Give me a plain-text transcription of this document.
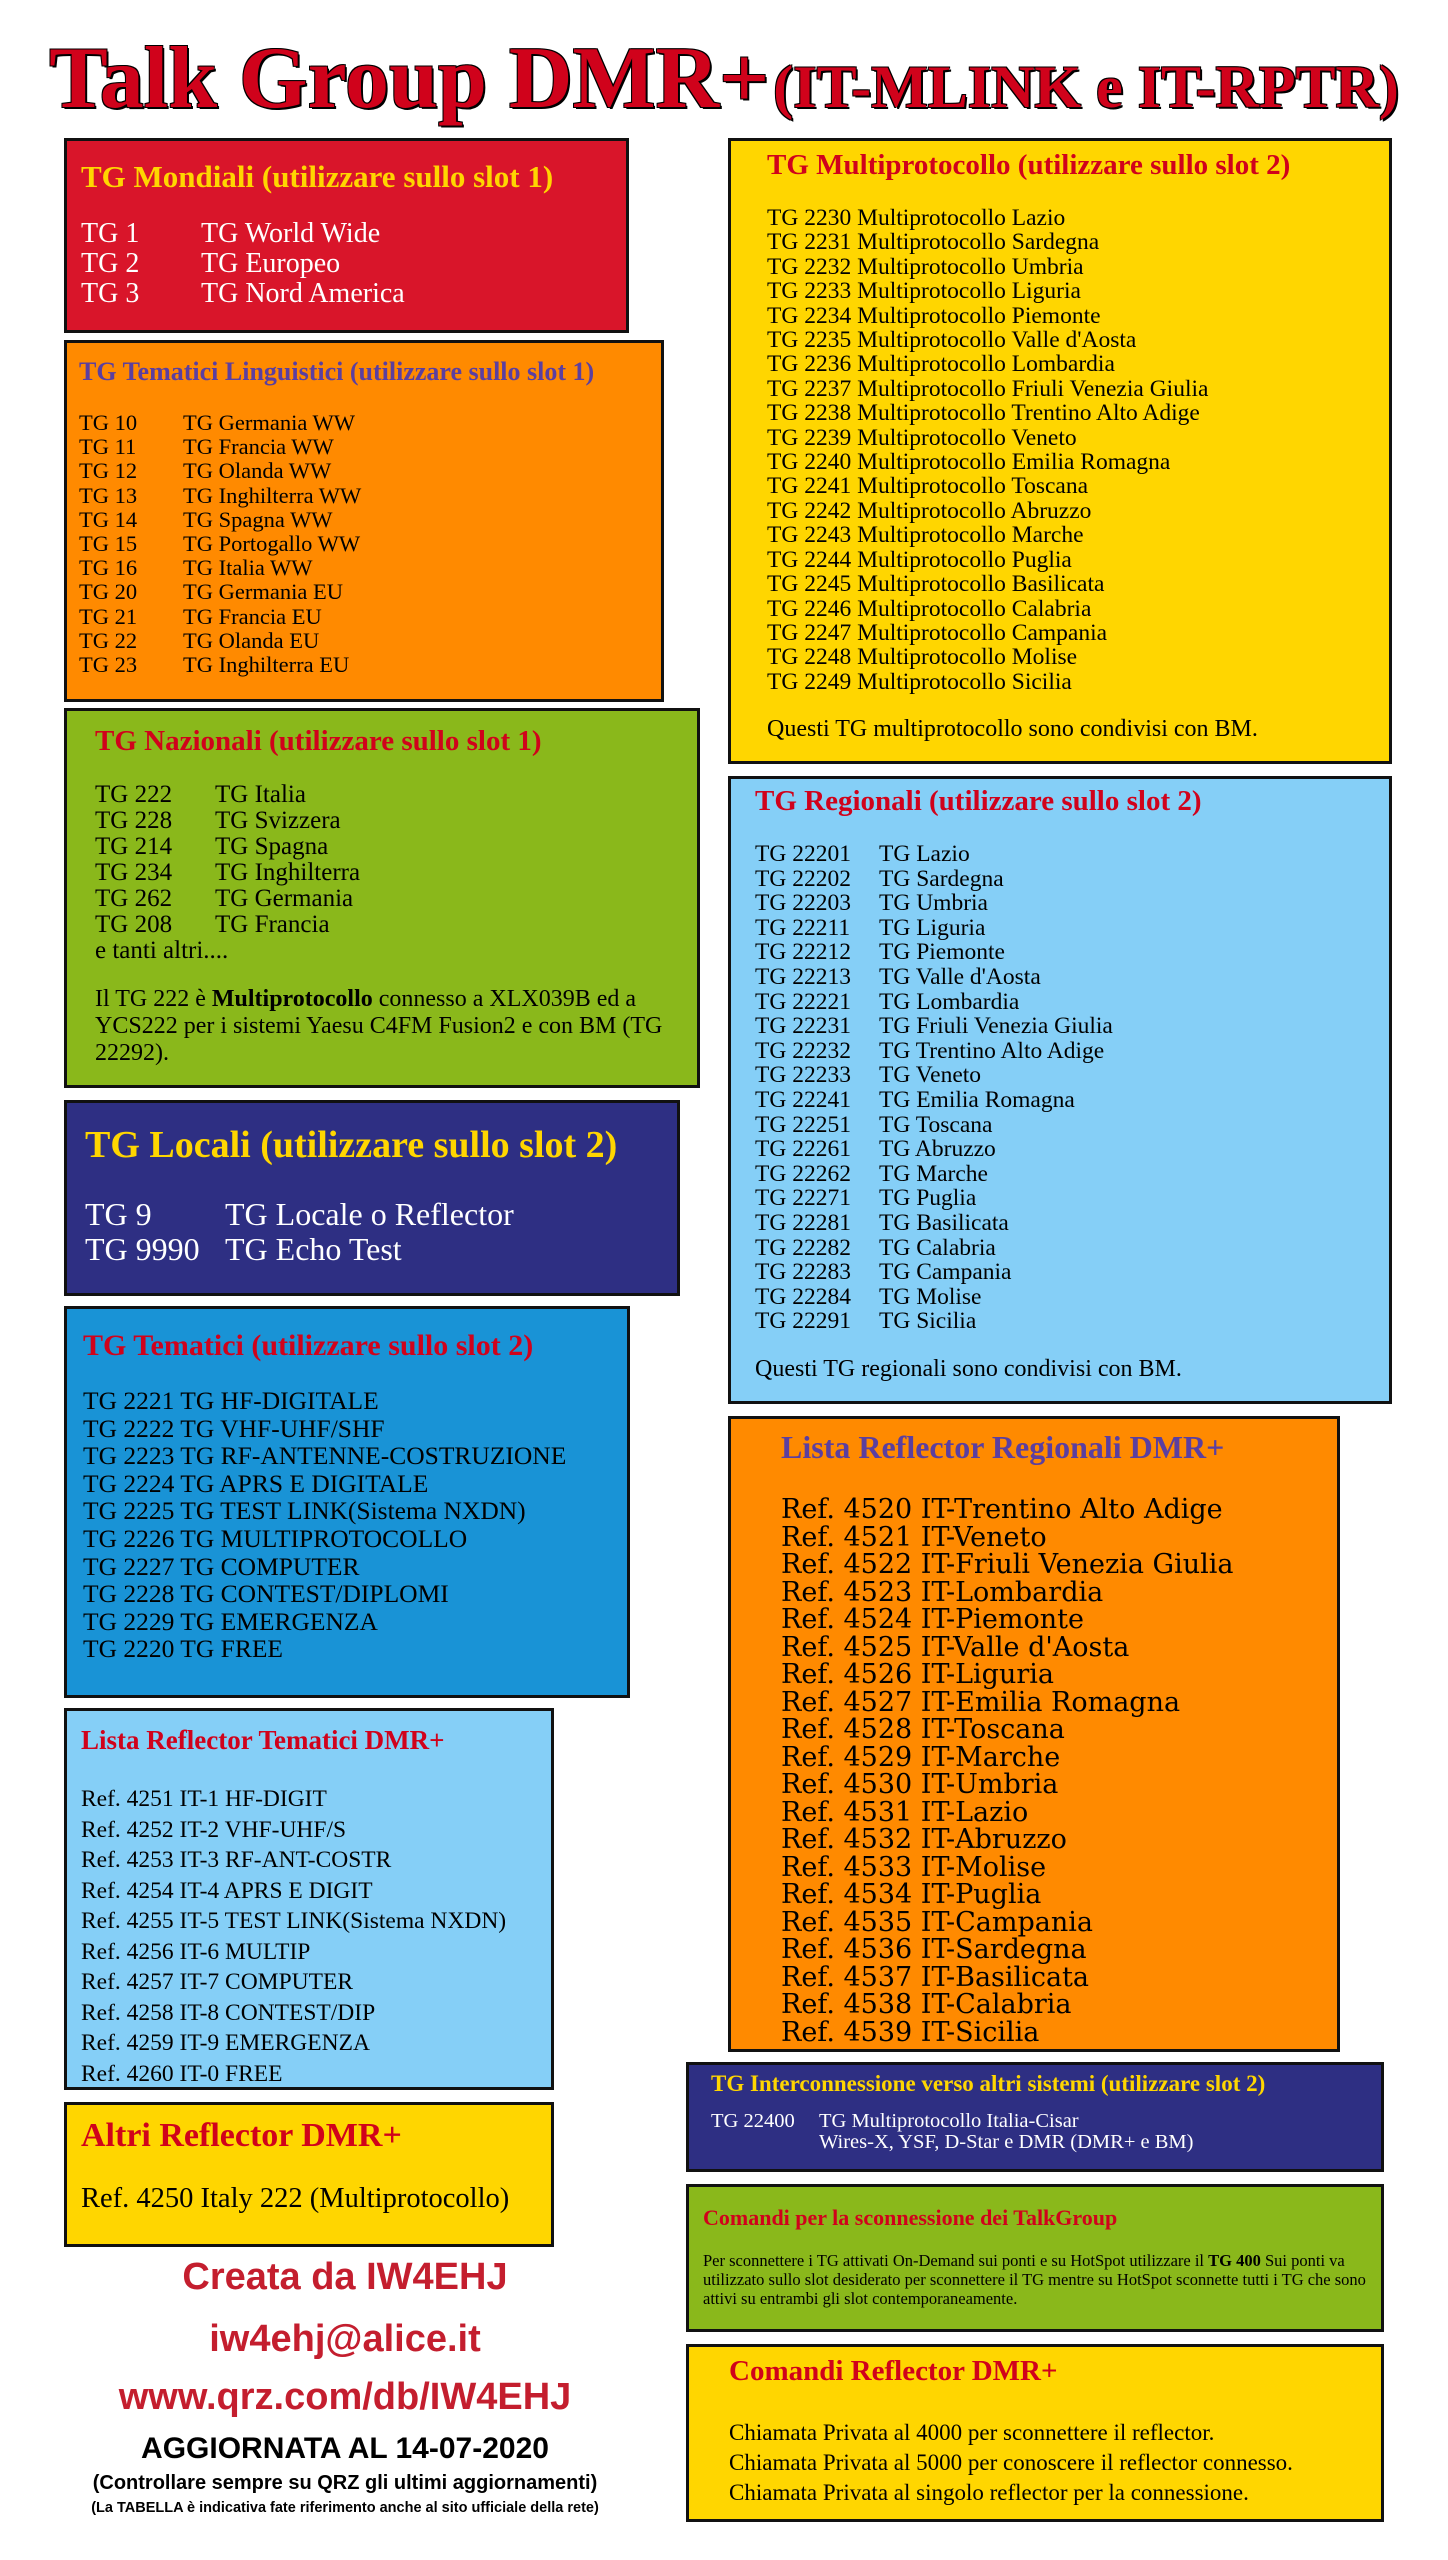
Talk Group DMR+ (IT-MLINK e IT-RPTR)
TG Mondiali (utilizzare sullo slot 1)
TG 1 TG World Wide
TG 2 TG Europeo
TG 3 TG Nord America
TG Tematici Linguistici (utilizzare sullo slot 1)
TG 10 TG Germania WW
TG 11 TG Francia WW
TG 12 TG Olanda WW
TG 13 TG Inghilterra WW
TG 14 TG Spagna WW
TG 15 TG Portogallo WW
TG 16 TG Italia WW
TG 20 TG Germania EU
TG 21 TG Francia EU
TG 22 TG Olanda EU
TG 23 TG Inghilterra EU
TG Nazionali (utilizzare sullo slot 1)
TG 222 TG Italia
TG 228 TG Svizzera
TG 214 TG Spagna
TG 234 TG Inghilterra
TG 262 TG Germania
TG 208 TG Francia
e tanti altri....
Il TG 222 è Multiprotocollo connesso a XLX039B ed a YCS222 per i sistemi Yaesu C4FM Fusion2 e con BM (TG 22292).
TG Locali (utilizzare sullo slot 2)
TG 9 TG Locale o Reflector
TG 9990 TG Echo Test
TG Tematici (utilizzare sullo slot 2)
TG 2221 TG HF-DIGITALE
TG 2222 TG VHF-UHF/SHF
TG 2223 TG RF-ANTENNE-COSTRUZIONE
TG 2224 TG APRS E DIGITALE
TG 2225 TG TEST LINK(Sistema NXDN)
TG 2226 TG MULTIPROTOCOLLO
TG 2227 TG COMPUTER
TG 2228 TG CONTEST/DIPLOMI
TG 2229 TG EMERGENZA
TG 2220 TG FREE
Lista Reflector Tematici DMR+
Ref. 4251 IT-1 HF-DIGIT
Ref. 4252 IT-2 VHF-UHF/S
Ref. 4253 IT-3 RF-ANT-COSTR
Ref. 4254 IT-4 APRS E DIGIT
Ref. 4255 IT-5 TEST LINK(Sistema NXDN)
Ref. 4256 IT-6 MULTIP
Ref. 4257 IT-7 COMPUTER
Ref. 4258 IT-8 CONTEST/DIP
Ref. 4259 IT-9 EMERGENZA
Ref. 4260 IT-0 FREE
Altri Reflector DMR+
Ref. 4250 Italy 222 (Multiprotocollo)
TG Multiprotocollo (utilizzare sullo slot 2)
TG 2230 Multiprotocollo Lazio
TG 2231 Multiprotocollo Sardegna
TG 2232 Multiprotocollo Umbria
TG 2233 Multiprotocollo Liguria
TG 2234 Multiprotocollo Piemonte
TG 2235 Multiprotocollo Valle d'Aosta
TG 2236 Multiprotocollo Lombardia
TG 2237 Multiprotocollo Friuli Venezia Giulia
TG 2238 Multiprotocollo Trentino Alto Adige
TG 2239 Multiprotocollo Veneto
TG 2240 Multiprotocollo Emilia Romagna
TG 2241 Multiprotocollo Toscana
TG 2242 Multiprotocollo Abruzzo
TG 2243 Multiprotocollo Marche
TG 2244 Multiprotocollo Puglia
TG 2245 Multiprotocollo Basilicata
TG 2246 Multiprotocollo Calabria
TG 2247 Multiprotocollo Campania
TG 2248 Multiprotocollo Molise
TG 2249 Multiprotocollo Sicilia
Questi TG multiprotocollo sono condivisi con BM.
TG Regionali (utilizzare sullo slot 2)
TG 22201 TG Lazio
TG 22202 TG Sardegna
TG 22203 TG Umbria
TG 22211 TG Liguria
TG 22212 TG Piemonte
TG 22213 TG Valle d'Aosta
TG 22221 TG Lombardia
TG 22231 TG Friuli Venezia Giulia
TG 22232 TG Trentino Alto Adige
TG 22233 TG Veneto
TG 22241 TG Emilia Romagna
TG 22251 TG Toscana
TG 22261 TG Abruzzo
TG 22262 TG Marche
TG 22271 TG Puglia
TG 22281 TG Basilicata
TG 22282 TG Calabria
TG 22283 TG Campania
TG 22284 TG Molise
TG 22291 TG Sicilia
Questi TG regionali sono condivisi con BM.
Lista Reflector Regionali DMR+
Ref. 4520 IT-Trentino Alto Adige
Ref. 4521 IT-Veneto
Ref. 4522 IT-Friuli Venezia Giulia
Ref. 4523 IT-Lombardia
Ref. 4524 IT-Piemonte
Ref. 4525 IT-Valle d'Aosta
Ref. 4526 IT-Liguria
Ref. 4527 IT-Emilia Romagna
Ref. 4528 IT-Toscana
Ref. 4529 IT-Marche
Ref. 4530 IT-Umbria
Ref. 4531 IT-Lazio
Ref. 4532 IT-Abruzzo
Ref. 4533 IT-Molise
Ref. 4534 IT-Puglia
Ref. 4535 IT-Campania
Ref. 4536 IT-Sardegna
Ref. 4537 IT-Basilicata
Ref. 4538 IT-Calabria
Ref. 4539 IT-Sicilia
TG Interconnessione verso altri sistemi (utilizzare slot 2)
TG 22400 TG Multiprotocollo Italia-Cisar
Wires-X, YSF, D-Star e DMR (DMR+ e BM)
Comandi per la sconnessione dei TalkGroup
Per sconnettere i TG attivati On-Demand sui ponti e su HotSpot utilizzare il TG 400 Sui ponti va utilizzato sullo slot desiderato per sconnettere il TG mentre su HotSpot sconnette tutti i TG che sono attivi su entrambi gli slot contemporaneamente.
Comandi Reflector DMR+
Chiamata Privata al 4000 per sconnettere il reflector.
Chiamata Privata al 5000 per conoscere il reflector connesso.
Chiamata Privata al singolo reflector per la connessione.
Creata da IW4EHJ
iw4ehj@alice.it
www.qrz.com/db/IW4EHJ
AGGIORNATA AL 14-07-2020
(Controllare sempre su QRZ gli ultimi aggiornamenti)
(La TABELLA è indicativa fate riferimento anche al sito ufficiale della rete)
